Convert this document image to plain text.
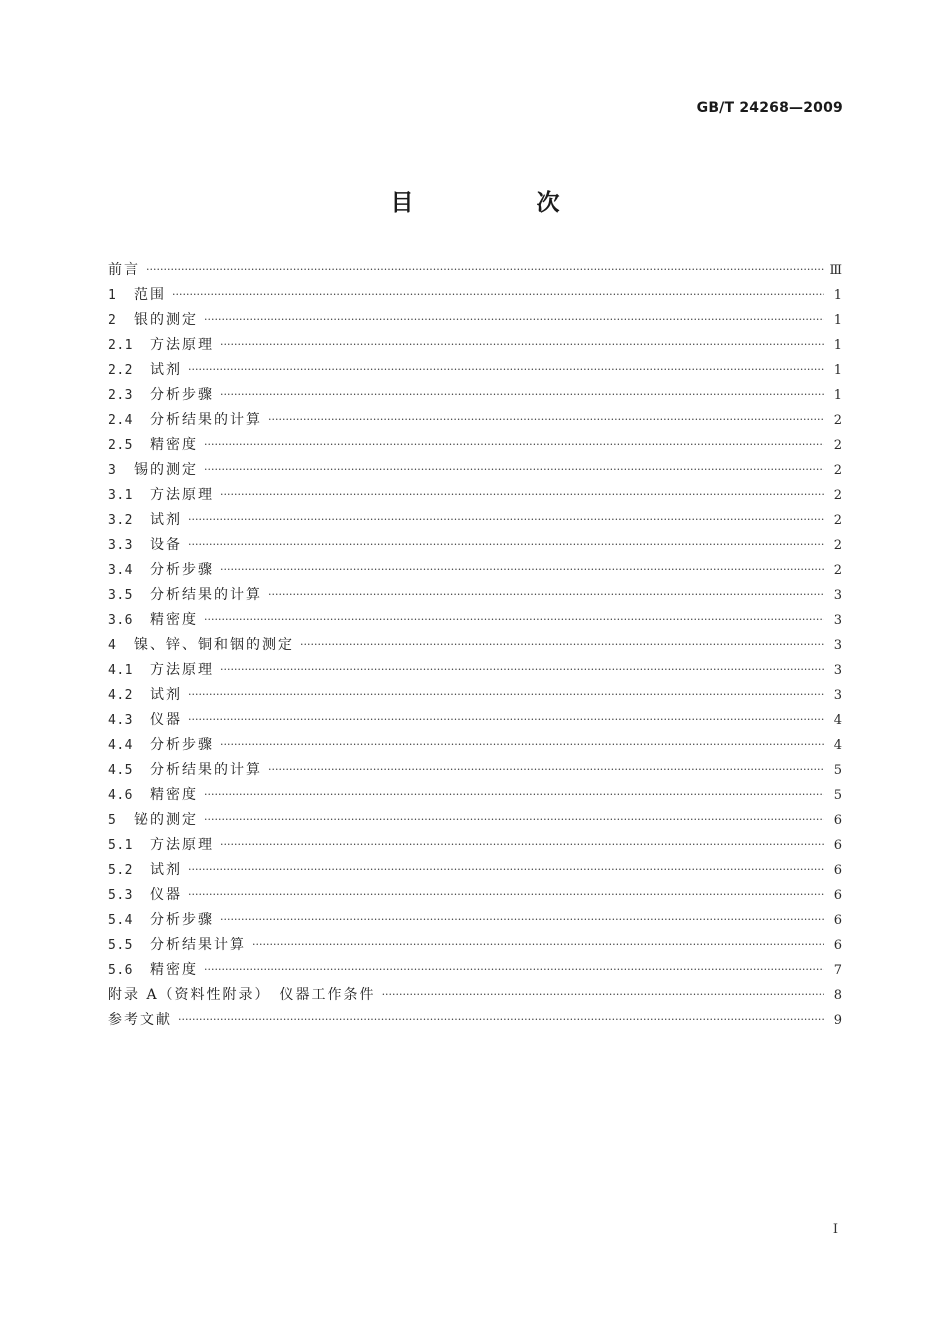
GB/T 24268—2009
目　次
前言 ·····	Ⅲ
1	范围 ·····	1
2	银的测定 ·····	1
2.1	方法原理 ·····	1
2.2	试剂 ·····	1
2.3	分析步骤 ·····	1
2.4	分析结果的计算 ·····	2
2.5	精密度 ·····	2
3	锡的测定 ·····	2
3.1	方法原理 ·····	2
3.2	试剂 ·····	2
3.3	设备 ·····	2
3.4	分析步骤 ·····	2
3.5	分析结果的计算 ·····	3
3.6	精密度 ·····	3
4	镍、锌、铜和铟的测定 ·····	3
4.1	方法原理 ·····	3
4.2	试剂 ·····	3
4.3	仪器 ·····	4
4.4	分析步骤 ·····	4
4.5	分析结果的计算 ·····	5
4.6	精密度 ·····	5
5	铋的测定 ·····	6
5.1	方法原理 ·····	6
5.2	试剂 ·····	6
5.3	仪器 ·····	6
5.4	分析步骤 ·····	6
5.5	分析结果计算 ·····	6
5.6	精密度 ·····	7
附录 A（资料性附录）　仪器工作条件 ·····	8
参考文献 ·····	9
I
